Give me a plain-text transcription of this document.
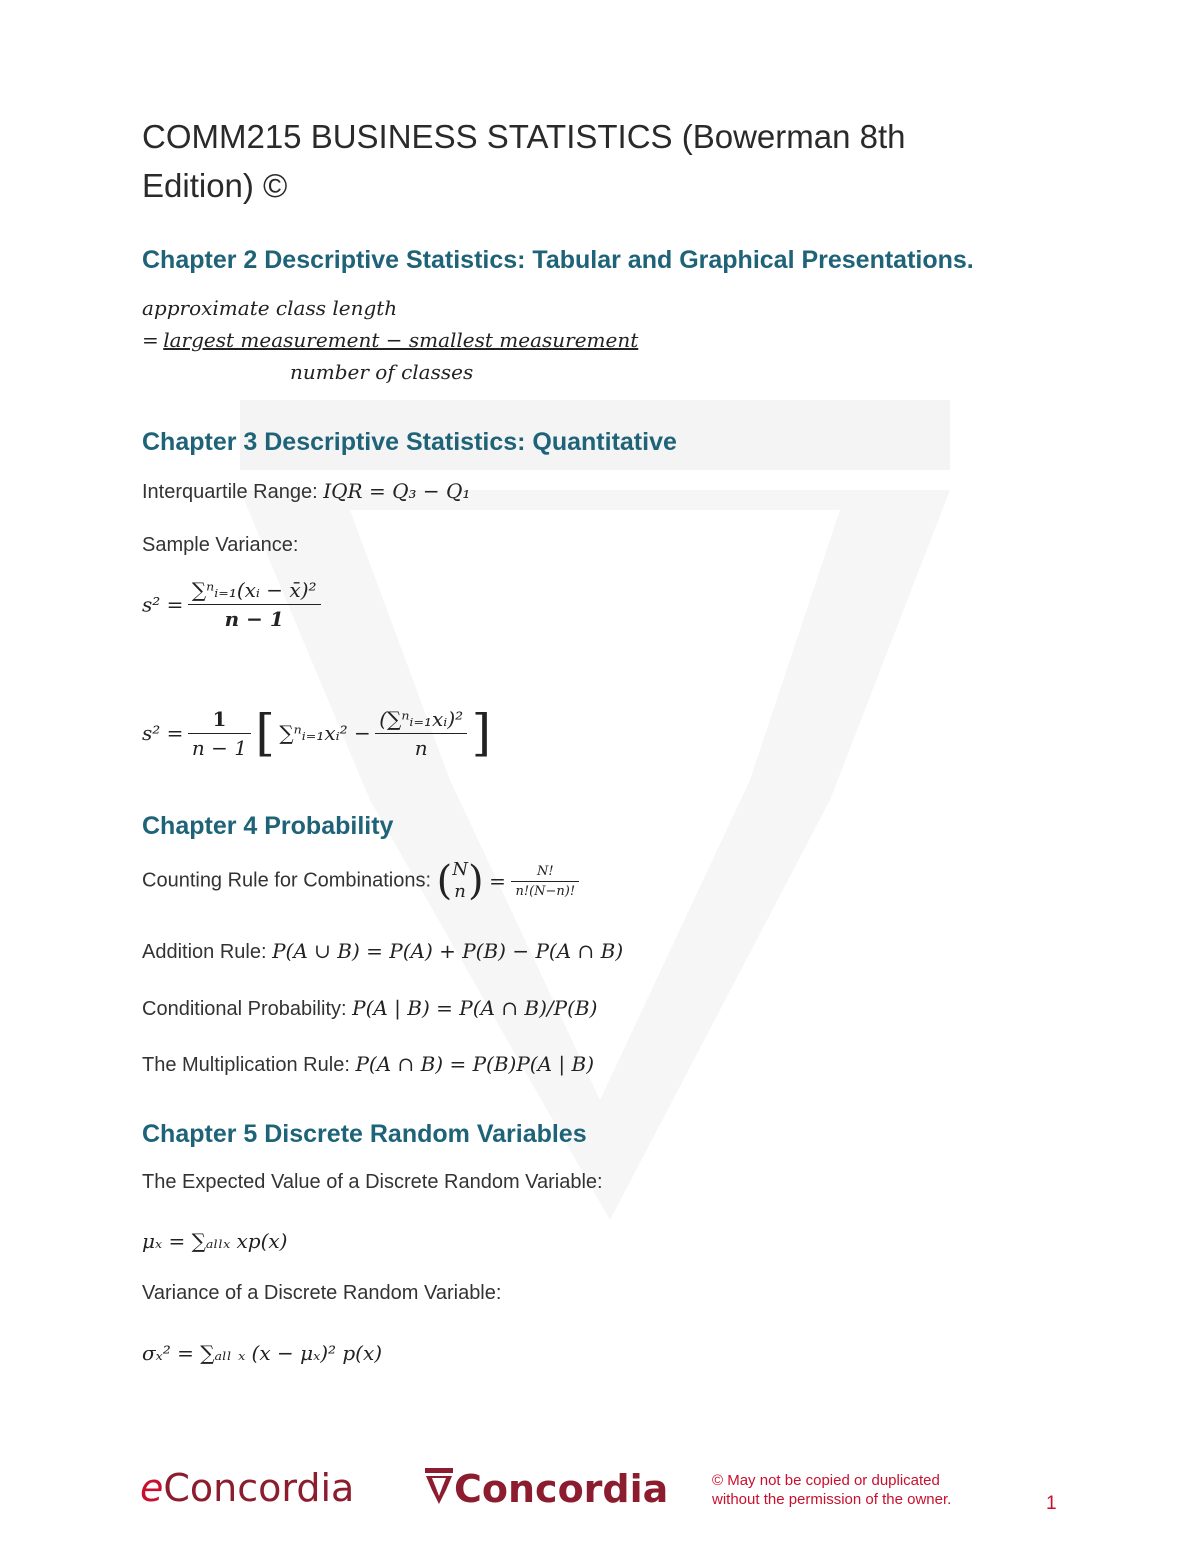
COMM215 BUSINESS STATISTICS (Bowerman 8th
Edition) ©
Chapter 2 Descriptive Statistics: Tabular and Graphical Presentations.
approximate class length
= largest measurement − smallest measurement
number of classes
Chapter 3 Descriptive Statistics: Quantitative
Interquartile Range: IQR = Q₃ − Q₁
Sample Variance:
$s^2 = \frac{\text{∑ⁿᵢ₌₁(xᵢ − x̄)²}}{n - 1}$
$s^2 = \frac{1}{n - 1}$ [ ∑ⁿᵢ₌₁xᵢ² − $\frac{\text{(∑ⁿᵢ₌₁xᵢ)²}}{n}$ ]
Chapter 4 Probability
Counting Rule for Combinations: ( N
n ) = $\frac{N!}{n!(N-n)!}$
Addition Rule: P(A ∪ B) = P(A) + P(B) − P(A ∩ B)
Conditional Probability: P(A | B) = P(A ∩ B)/P(B)
The Multiplication Rule: P(A ∩ B) = P(B)P(A | B)
Chapter 5 Discrete Random Variables
The Expected Value of a Discrete Random Variable:
μₓ = ∑ₐₗₗₓ xp(x)
Variance of a Discrete Random Variable:
σₓ² = ∑ₐₗₗ ₓ (x − μₓ)² p(x)
eConcordia	Concordia	© May not be copied or duplicated
without the permission of the owner.	1
